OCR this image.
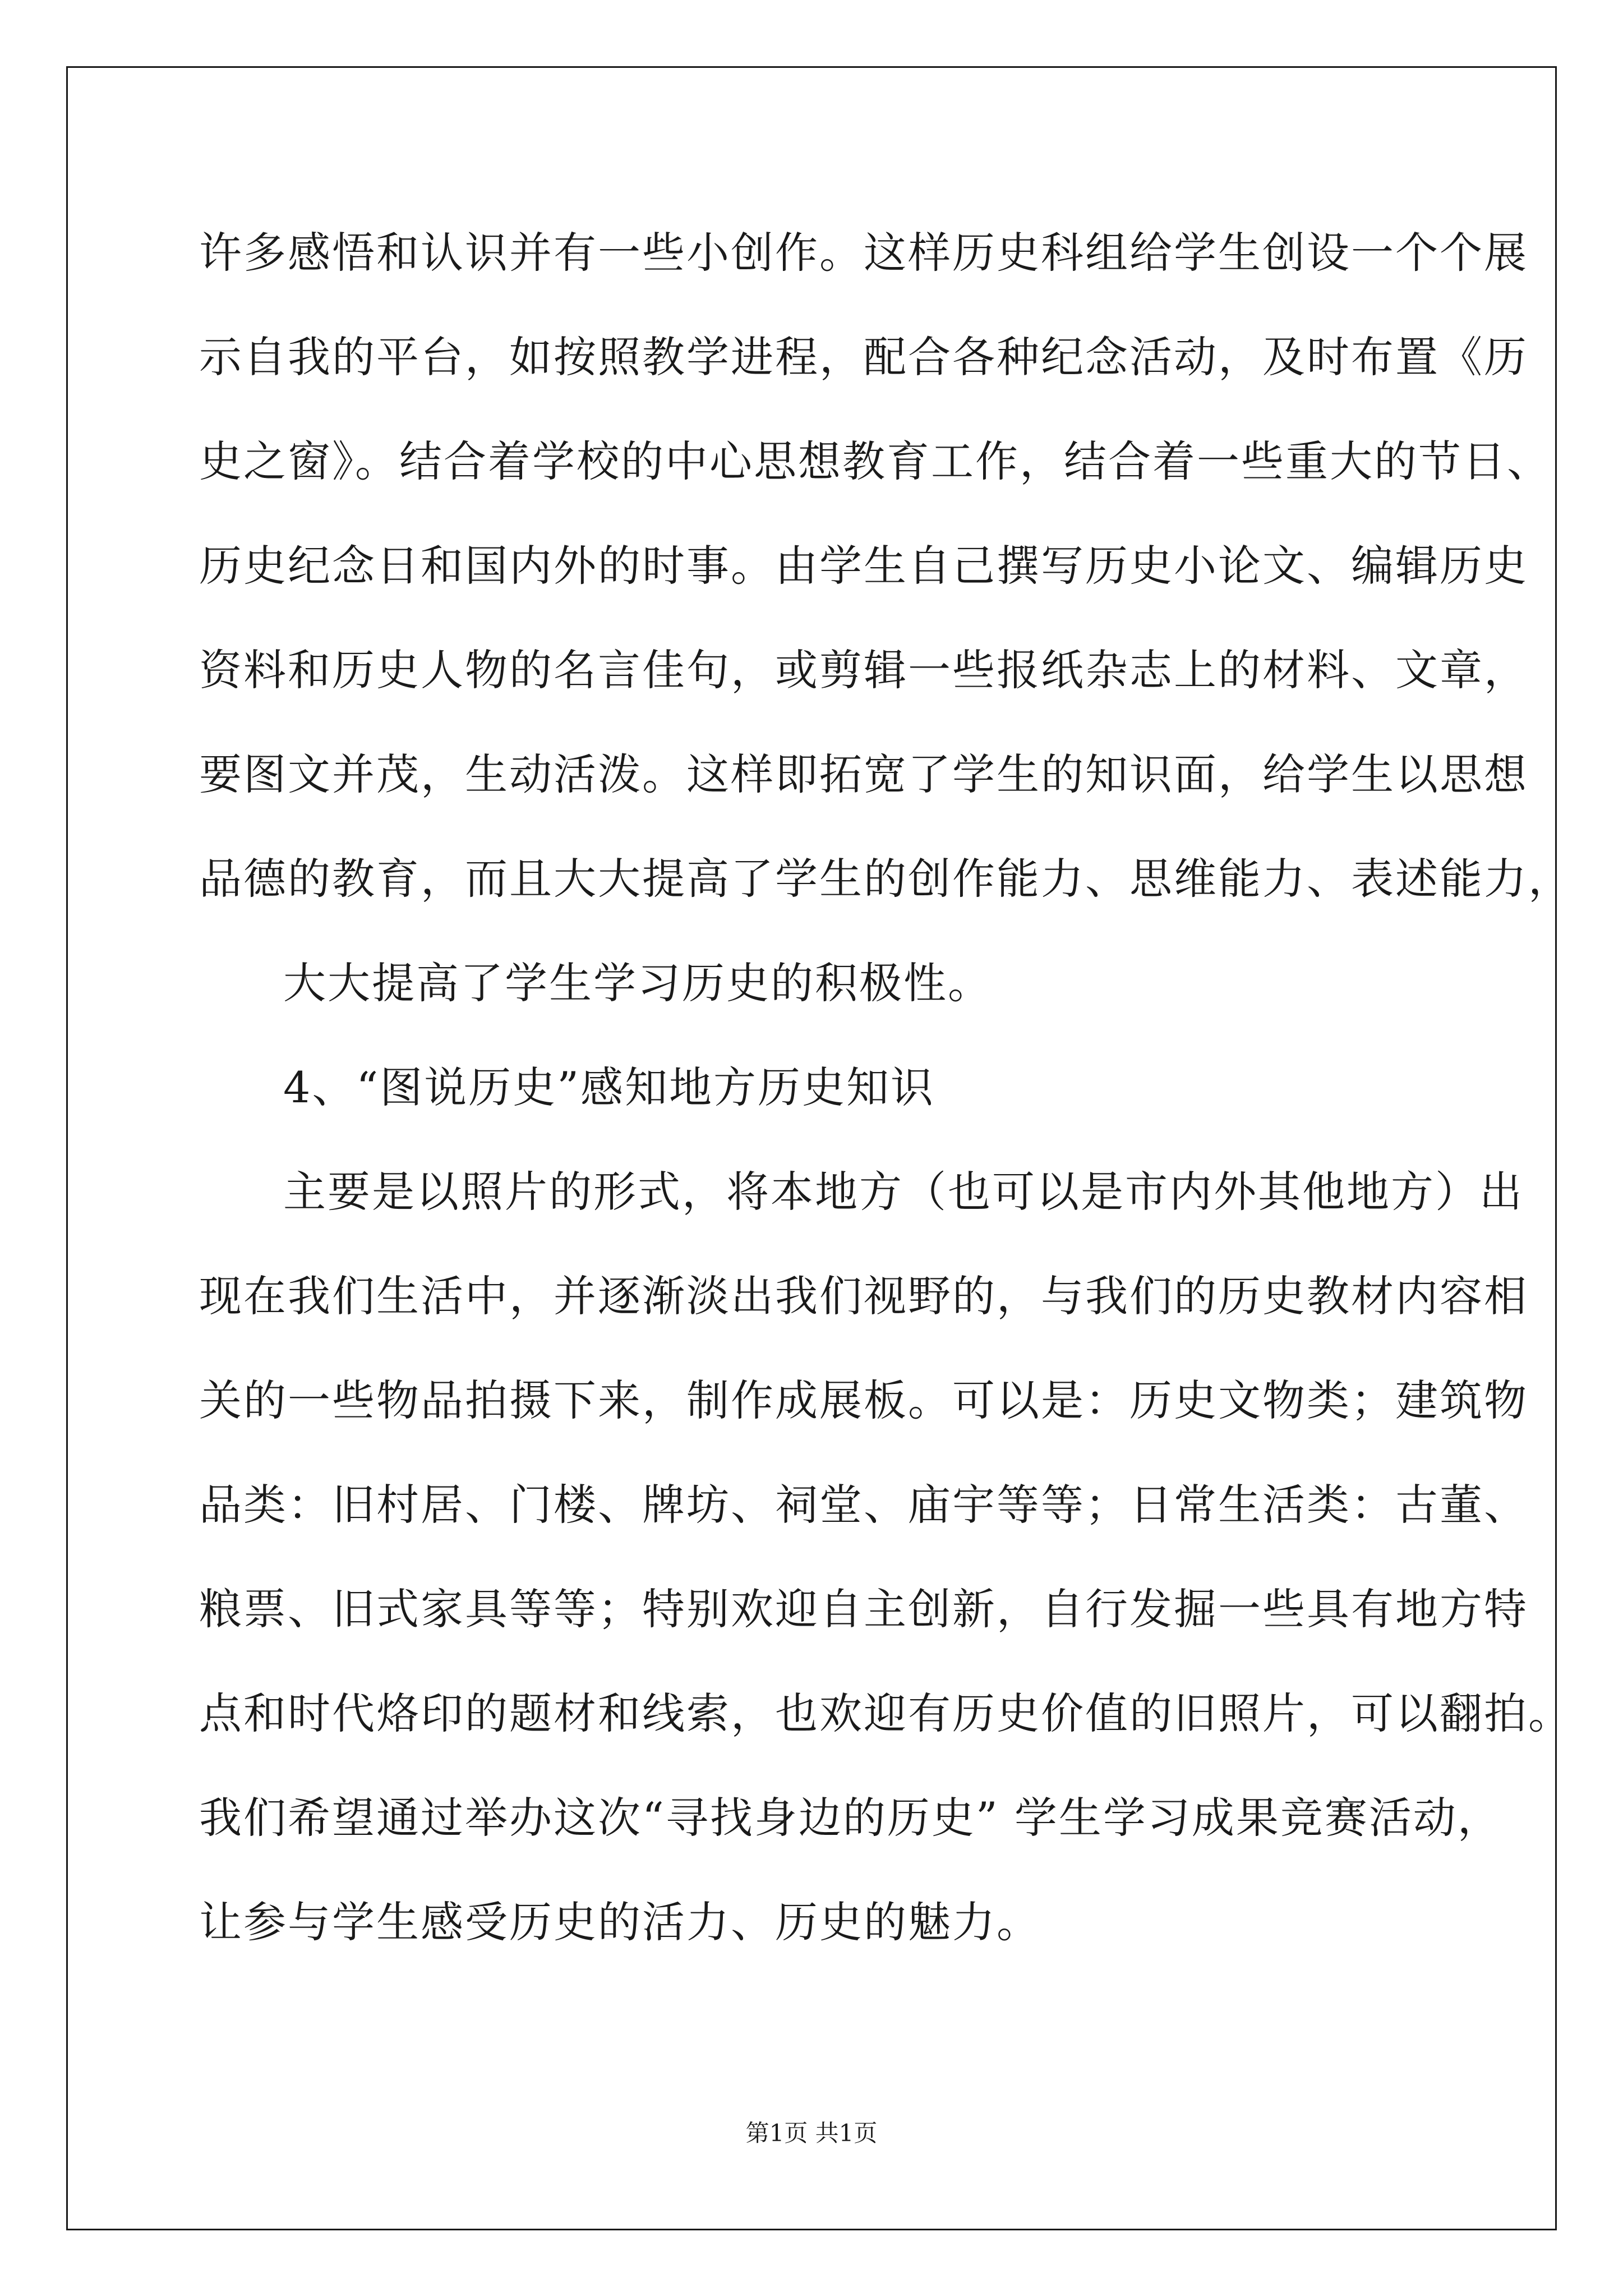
许多感悟和认识并有一些小创作。这样历史科组给学生创设一个个展

示自我的平台，如按照教学进程，配合各种纪念活动，及时布置《历

史之窗》。结合着学校的中心思想教育工作，结合着一些重大的节日、

历史纪念日和国内外的时事。由学生自己撰写历史小论文、编辑历史

资料和历史人物的名言佳句，或剪辑一些报纸杂志上的材料、文章，

要图文并茂，生动活泼。这样即拓宽了学生的知识面，给学生以思想

品德的教育，而且大大提高了学生的创作能力、思维能力、表述能力，

大大提高了学生学习历史的积极性。

4、“图说历史”感知地方历史知识

主要是以照片的形式，将本地方（也可以是市内外其他地方）出

现在我们生活中，并逐渐淡出我们视野的，与我们的历史教材内容相

关的一些物品拍摄下来，制作成展板。可以是：历史文物类；建筑物

品类：旧村居、门楼、牌坊、祠堂、庙宇等等；日常生活类：古董、

粮票、旧式家具等等；特别欢迎自主创新，自行发掘一些具有地方特

点和时代烙印的题材和线索，也欢迎有历史价值的旧照片，可以翻拍。

我们希望通过举办这次“寻找身边的历史” 学生学习成果竞赛活动，

让参与学生感受历史的活力、历史的魅力。

第1页 共1页
